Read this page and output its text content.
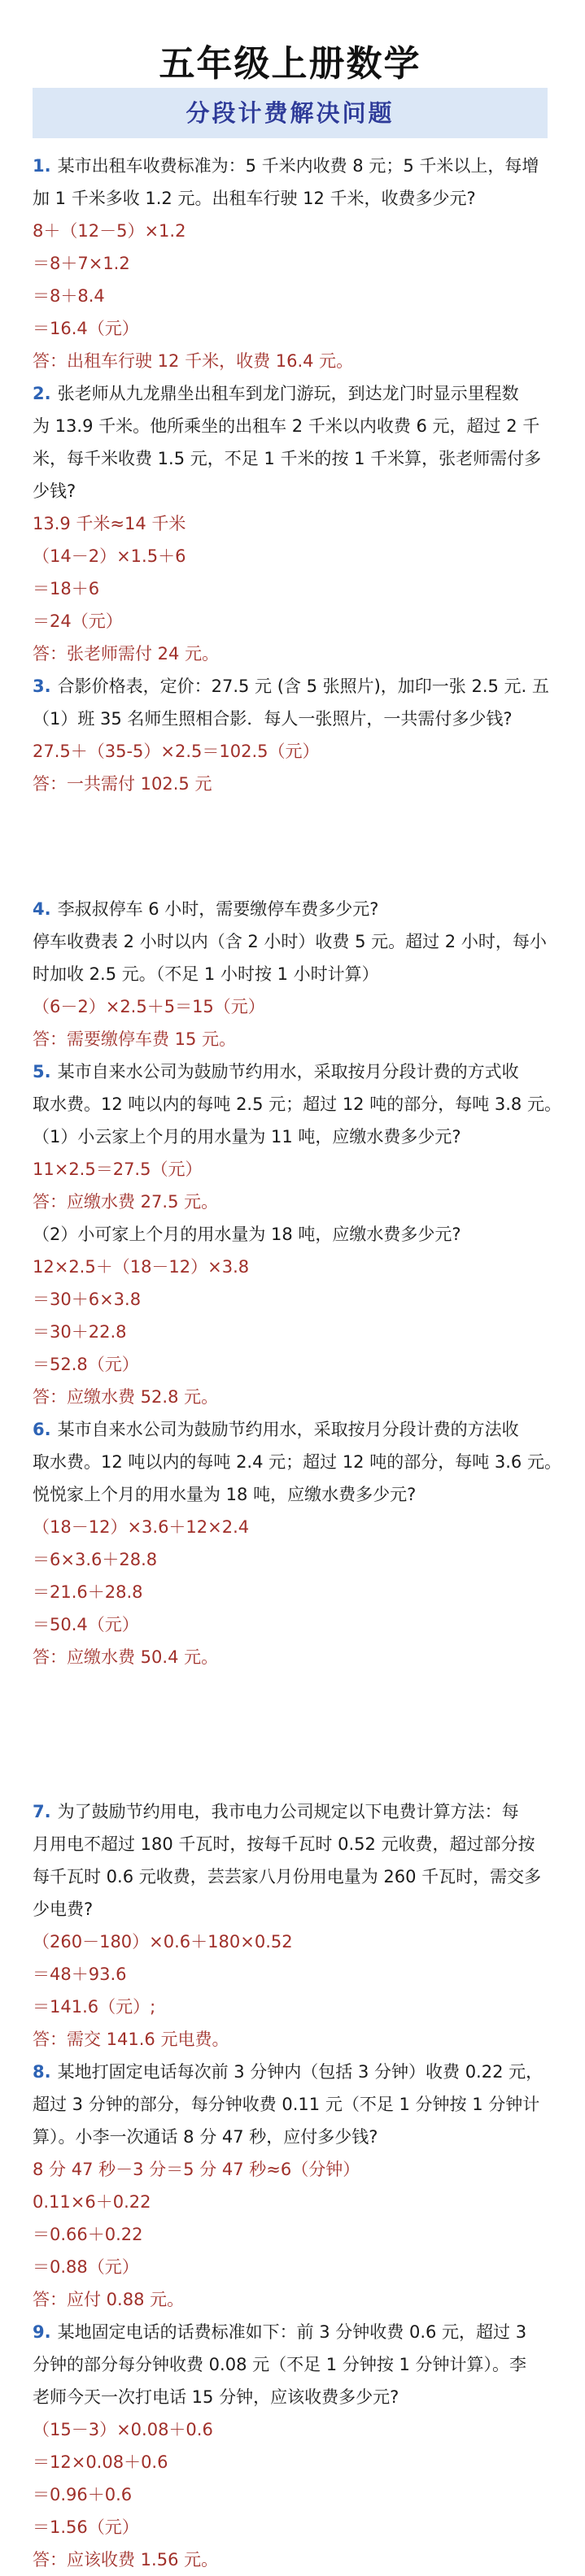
五年级上册数学
分段计费解决问题
1. 某市出租车收费标准为：5 千米内收费 8 元；5 千米以上，每增
加 1 千米多收 1.2 元。出租车行驶 12 千米，收费多少元?
8＋（12－5）×1.2
＝8＋7×1.2
＝8＋8.4
＝16.4（元）
答：出租车行驶 12 千米，收费 16.4 元。
2. 张老师从九龙鼎坐出租车到龙门游玩，到达龙门时显示里程数
为 13.9 千米。他所乘坐的出租车 2 千米以内收费 6 元，超过 2 千
米，每千米收费 1.5 元，不足 1 千米的按 1 千米算，张老师需付多
少钱?
13.9 千米≈14 千米
（14－2）×1.5＋6
＝18＋6
＝24（元）
答：张老师需付 24 元。
3. 合影价格表，定价：27.5 元 (含 5 张照片)，加印一张 2.5 元. 五
（1）班 35 名师生照相合影．每人一张照片，一共需付多少钱?
27.5＋（35-5）×2.5＝102.5（元）
答：一共需付 102.5 元
4. 李叔叔停车 6 小时，需要缴停车费多少元?
停车收费表 2 小时以内（含 2 小时）收费 5 元。超过 2 小时，每小
时加收 2.5 元。（不足 1 小时按 1 小时计算）
（6－2）×2.5＋5＝15（元）
答：需要缴停车费 15 元。
5. 某市自来水公司为鼓励节约用水，采取按月分段计费的方式收
取水费。12 吨以内的每吨 2.5 元；超过 12 吨的部分，每吨 3.8 元。
（1）小云家上个月的用水量为 11 吨，应缴水费多少元?
11×2.5＝27.5（元）
答：应缴水费 27.5 元。
（2）小可家上个月的用水量为 18 吨，应缴水费多少元?
12×2.5＋（18－12）×3.8
＝30＋6×3.8
＝30＋22.8
＝52.8（元）
答：应缴水费 52.8 元。
6. 某市自来水公司为鼓励节约用水，采取按月分段计费的方法收
取水费。12 吨以内的每吨 2.4 元；超过 12 吨的部分，每吨 3.6 元。
悦悦家上个月的用水量为 18 吨，应缴水费多少元?
（18－12）×3.6＋12×2.4
＝6×3.6＋28.8
＝21.6＋28.8
＝50.4（元）
答：应缴水费 50.4 元。
7. 为了鼓励节约用电，我市电力公司规定以下电费计算方法：每
月用电不超过 180 千瓦时，按每千瓦时 0.52 元收费，超过部分按
每千瓦时 0.6 元收费，芸芸家八月份用电量为 260 千瓦时，需交多
少电费?
（260－180）×0.6＋180×0.52
＝48＋93.6
＝141.6（元）;
答：需交 141.6 元电费。
8. 某地打固定电话每次前 3 分钟内（包括 3 分钟）收费 0.22 元，
超过 3 分钟的部分，每分钟收费 0.11 元（不足 1 分钟按 1 分钟计
算）。小李一次通话 8 分 47 秒，应付多少钱?
8 分 47 秒－3 分＝5 分 47 秒≈6（分钟）
0.11×6＋0.22
＝0.66＋0.22
＝0.88（元）
答：应付 0.88 元。
9. 某地固定电话的话费标准如下：前 3 分钟收费 0.6 元，超过 3
分钟的部分每分钟收费 0.08 元（不足 1 分钟按 1 分钟计算）。李
老师今天一次打电话 15 分钟，应该收费多少元?
（15－3）×0.08＋0.6
＝12×0.08＋0.6
＝0.96＋0.6
＝1.56（元）
答：应该收费 1.56 元。
